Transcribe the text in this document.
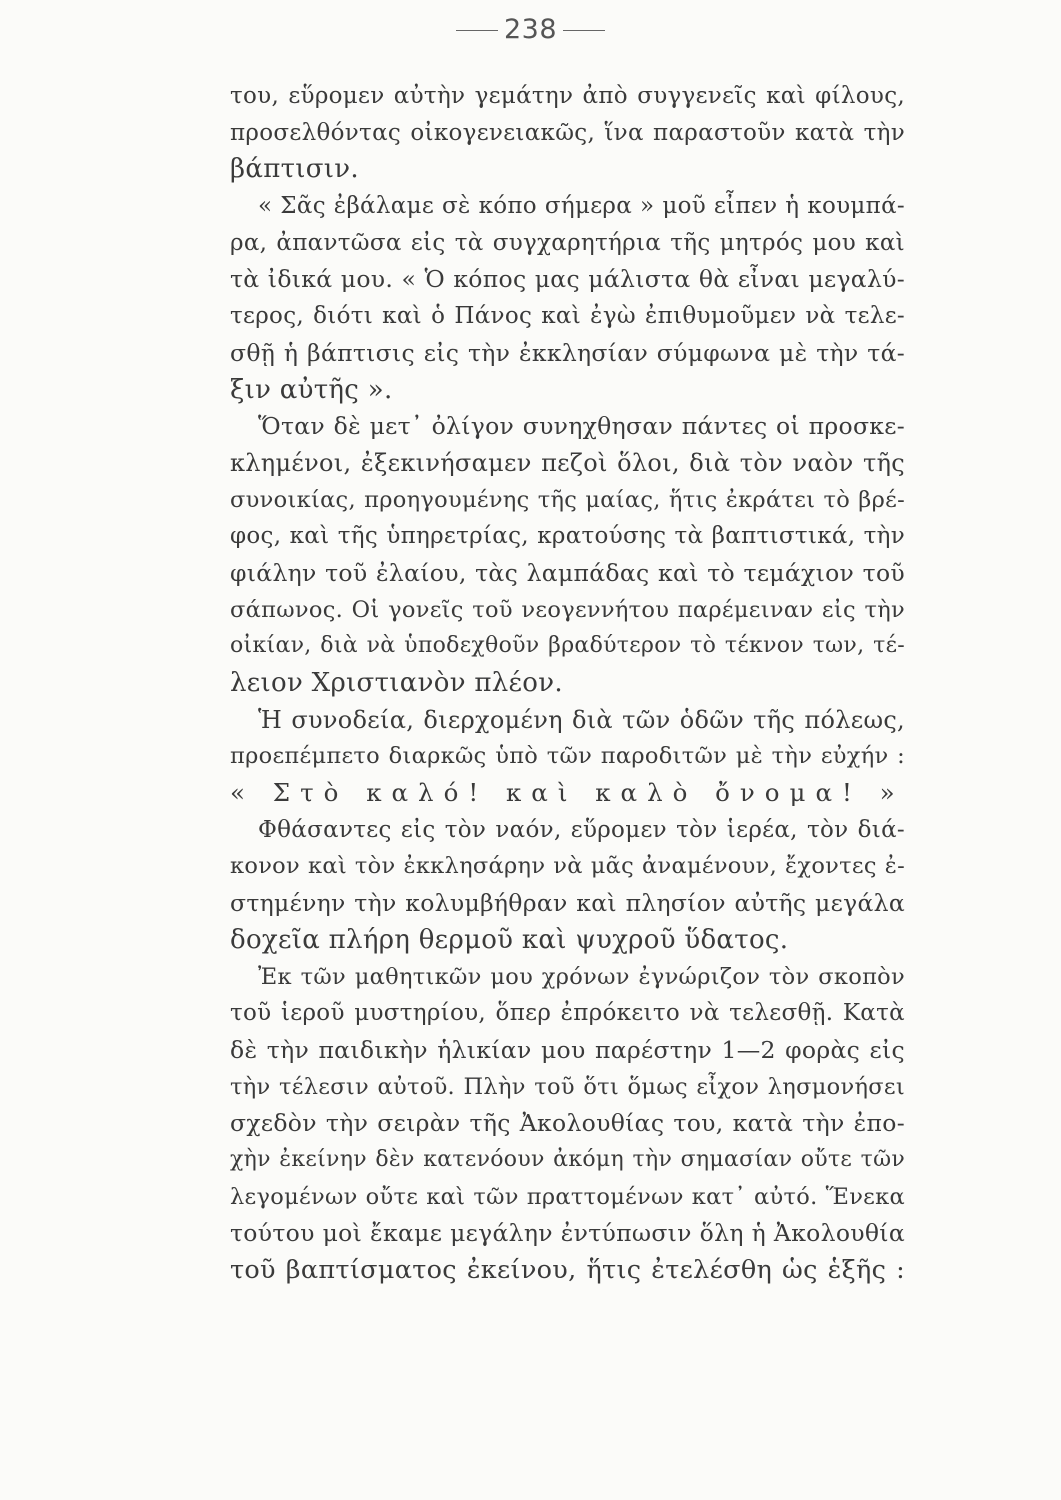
238
του, εὕρομεν αὐτὴν γεμάτην ἀπὸ συγγενεῖς καὶ φίλους,
προσελθόντας οἰκογενειακῶς, ἵνα παραστοῦν κατὰ τὴν
βάπτισιν.
« Σᾶς ἐβάλαμε σὲ κόπο σήμερα » μοῦ εἶπεν ἡ κουμπά-
ρα, ἀπαντῶσα εἰς τὰ συγχαρητήρια τῆς μητρός μου καὶ
τὰ ἰδικά μου. « Ὁ κόπος μας μάλιστα θὰ εἶναι μεγαλύ-
τερος, διότι καὶ ὁ Πάνος καὶ ἐγὼ ἐπιθυμοῦμεν νὰ τελε-
σθῇ ἡ βάπτισις εἰς τὴν ἐκκλησίαν σύμφωνα μὲ τὴν τά-
ξιν αὐτῆς ».
Ὅταν δὲ μετ᾽ ὀλίγον συνηχθησαν πάντες οἱ προσκε-
κλημένοι, ἐξεκινήσαμεν πεζοὶ ὅλοι, διὰ τὸν ναὸν τῆς
συνοικίας, προηγουμένης τῆς μαίας, ἥτις ἐκράτει τὸ βρέ-
φος, καὶ τῆς ὑπηρετρίας, κρατούσης τὰ βαπτιστικά, τὴν
φιάλην τοῦ ἐλαίου, τὰς λαμπάδας καὶ τὸ τεμάχιον τοῦ
σάπωνος. Οἱ γονεῖς τοῦ νεογεννήτου παρέμειναν εἰς τὴν
οἰκίαν, διὰ νὰ ὑποδεχθοῦν βραδύτερον τὸ τέκνον των, τέ-
λειον Χριστιανὸν πλέον.
Ἡ συνοδεία, διερχομένη διὰ τῶν ὁδῶν τῆς πόλεως,
προεπέμπετο διαρκῶς ὑπὸ τῶν παροδιτῶν μὲ τὴν εὐχήν :
« Στὸ καλό! καὶ καλὸ ὄνομα! »
Φθάσαντες εἰς τὸν ναόν, εὕρομεν τὸν ἱερέα, τὸν διά-
κονον καὶ τὸν ἐκκλησάρην νὰ μᾶς ἀναμένουν, ἔχοντες ἐ-
στημένην τὴν κολυμβήθραν καὶ πλησίον αὐτῆς μεγάλα
δοχεῖα πλήρη θερμοῦ καὶ ψυχροῦ ὕδατος.
Ἐκ τῶν μαθητικῶν μου χρόνων ἐγνώριζον τὸν σκοπὸν
τοῦ ἱεροῦ μυστηρίου, ὅπερ ἐπρόκειτο νὰ τελεσθῇ. Κατὰ
δὲ τὴν παιδικὴν ἡλικίαν μου παρέστην 1—2 φορὰς εἰς
τὴν τέλεσιν αὐτοῦ. Πλὴν τοῦ ὅτι ὅμως εἶχον λησμονήσει
σχεδὸν τὴν σειρὰν τῆς Ἀκολουθίας του, κατὰ τὴν ἐπο-
χὴν ἐκείνην δὲν κατενόουν ἀκόμη τὴν σημασίαν οὔτε τῶν
λεγομένων οὔτε καὶ τῶν πραττομένων κατ᾽ αὐτό. Ἕνεκα
τούτου μοὶ ἔκαμε μεγάλην ἐντύπωσιν ὅλη ἡ Ἀκολουθία
τοῦ βαπτίσματος ἐκείνου, ἥτις ἐτελέσθη ὡς ἑξῆς :
